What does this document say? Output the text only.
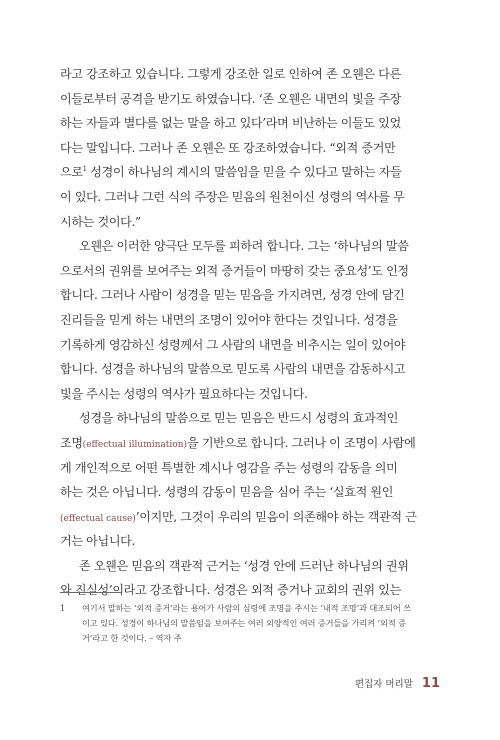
라고 강조하고 있습니다. 그렇게 강조한 일로 인하여 존 오웬은 다른
이들로부터 공격을 받기도 하였습니다. ‘존 오웬은 내면의 빛을 주장
하는 자들과 별다를 없는 말을 하고 있다’라며 비난하는 이들도 있었
다는 말입니다. 그러나 존 오웬은 또 강조하였습니다. “외적 증거만
으로$^1$ 성경이 하나님의 계시의 말씀임을 믿을 수 있다고 말하는 자들
이 있다. 그러나 그런 식의 주장은 믿음의 원천이신 성령의 역사를 무
시하는 것이다.”
오웬은 이러한 양극단 모두를 피하려 합니다. 그는 ‘하나님의 말씀
으로서의 권위를 보여주는 외적 증거들이 마땅히 갖는 중요성’도 인정
합니다. 그러나 사람이 성경을 믿는 믿음을 가지려면, 성경 안에 담긴
진리들을 믿게 하는 내면의 조명이 있어야 한다는 것입니다. 성경을
기록하게 영감하신 성령께서 그 사람의 내면을 비추시는 일이 있어야
합니다. 성경을 하나님의 말씀으로 믿도록 사람의 내면을 감동하시고
빛을 주시는 성령의 역사가 필요하다는 것입니다.
성경을 하나님의 말씀으로 믿는 믿음은 반드시 성령의 효과적인
조명(effectual illumination)을 기반으로 합니다. 그러나 이 조명이 사람에
게 개인적으로 어떤 특별한 계시나 영감을 주는 성령의 감동을 의미
하는 것은 아닙니다. 성령의 감동이 믿음을 심어 주는 ‘실효적 원인
(effectual cause)’이지만, 그것이 우리의 믿음이 의존해야 하는 객관적 근
거는 아닙니다.
존 오웬은 믿음의 객관적 근거는 ‘성경 안에 드러난 하나님의 권위
와 진실성’이라고 강조합니다. 성경은 외적 증거나 교회의 권위 있는
1	여기서 말하는 ‘외적 증거’라는 용어가 사람의 심령에 조명을 주시는 ‘내적 조명’과 대조되어 쓰
이고 있다. 성경이 하나님의 말씀임을 보여주는 여러 외양적인 여러 증거들을 가리켜 ‘외적 증
거’라고 한 것이다. – 역자 주
편집자 머리말 11
